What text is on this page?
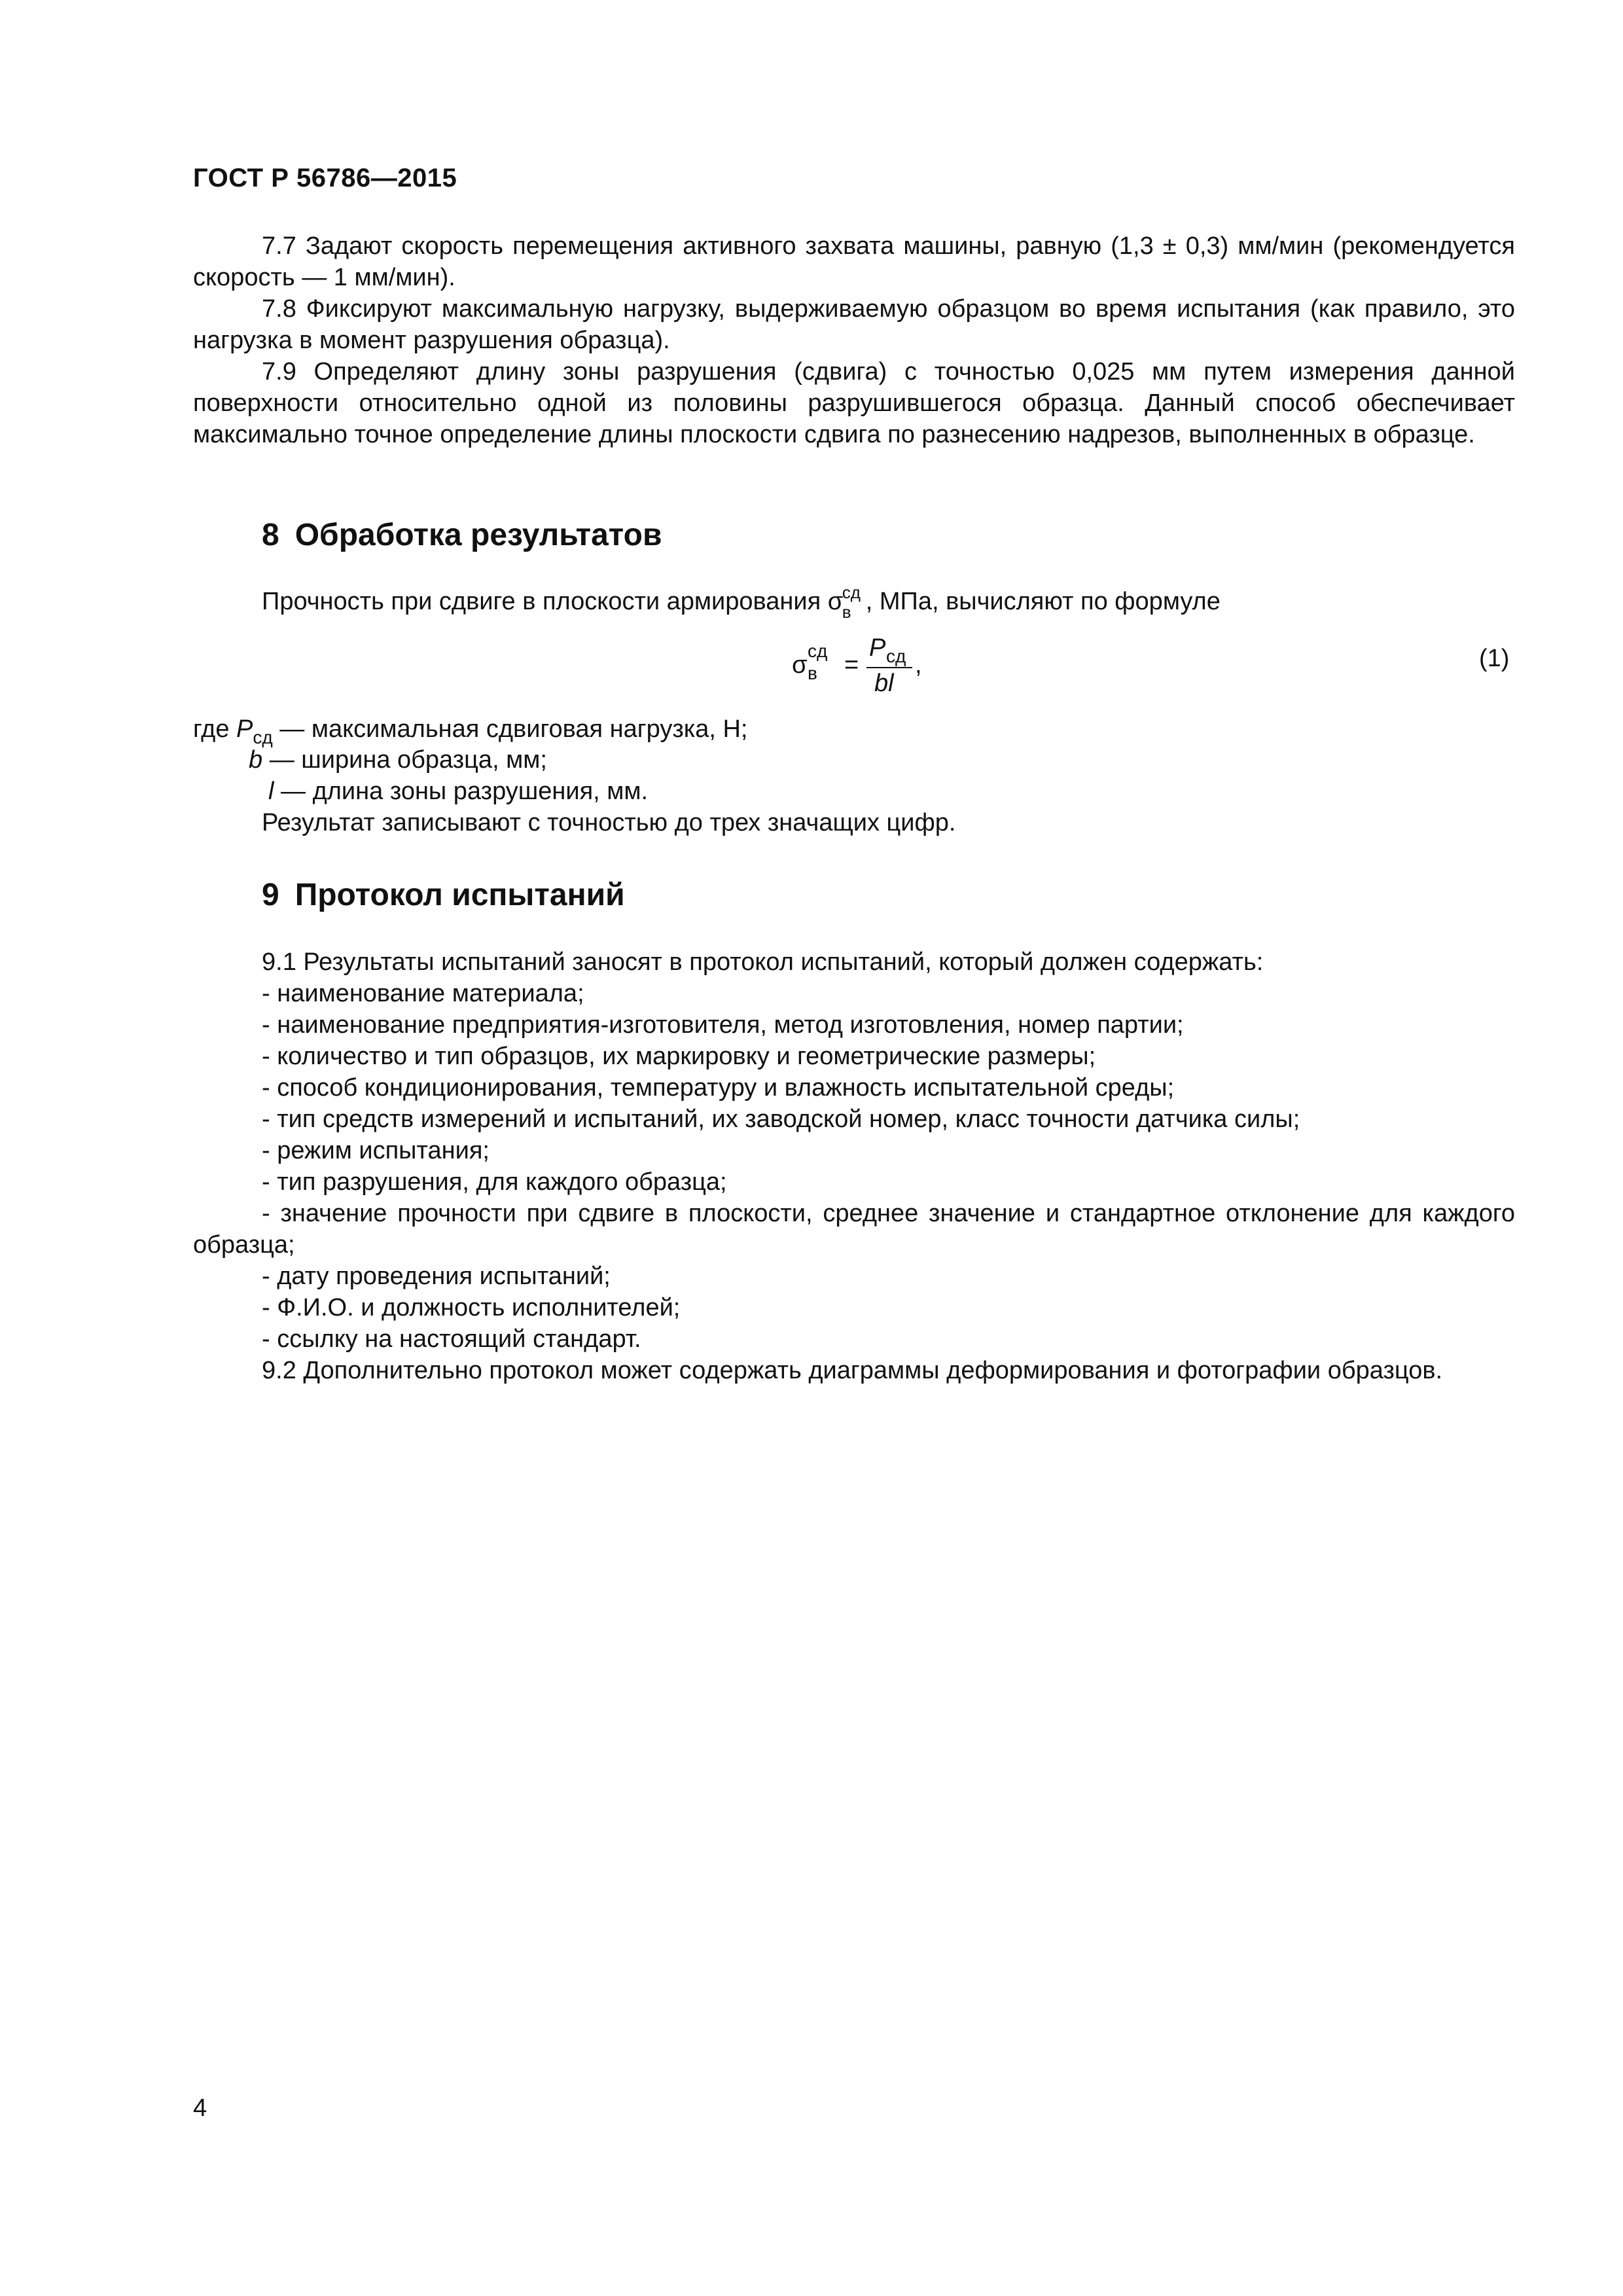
ГОСТ Р 56786—2015

7.7 Задают скорость перемещения активного захвата машины, равную (1,3 ± 0,3) мм/мин (рекомендуется скорость — 1 мм/мин).

7.8 Фиксируют максимальную нагрузку, выдерживаемую образцом во время испытания (как правило, это нагрузка в момент разрушения образца).

7.9 Определяют длину зоны разрушения (сдвига) с точностью 0,025 мм путем измерения данной поверхности относительно одной из половины разрушившегося образца. Данный способ обеспечивает максимально точное определение длины плоскости сдвига по разнесению надрезов, выполненных в образце.

8 Обработка результатов
Прочность при сдвиге в плоскости армирования σ
сд
в , МПа, вычисляют по формуле
σ
сд
в =
P сд
bl
,	(1)
где $P_{сд}$ — максимальная сдвиговая нагрузка, Н;
b — ширина образца, мм;
l — длина зоны разрушения, мм.
Результат записывают с точностью до трех значащих цифр.
9 Протокол испытаний

9.1 Результаты испытаний заносят в протокол испытаний, который должен содержать:

- наименование материала;

- наименование предприятия-изготовителя, метод изготовления, номер партии;

- количество и тип образцов, их маркировку и геометрические размеры;

- способ кондиционирования, температуру и влажность испытательной среды;

- тип средств измерений и испытаний, их заводской номер, класс точности датчика силы;

- режим испытания;

- тип разрушения, для каждого образца;

- значение прочности при сдвиге в плоскости, среднее значение и стандартное отклонение для каждого образца;

- дату проведения испытаний;

- Ф.И.О. и должность исполнителей;

- ссылку на настоящий стандарт.

9.2 Дополнительно протокол может содержать диаграммы деформирования и фотографии образцов.

4
